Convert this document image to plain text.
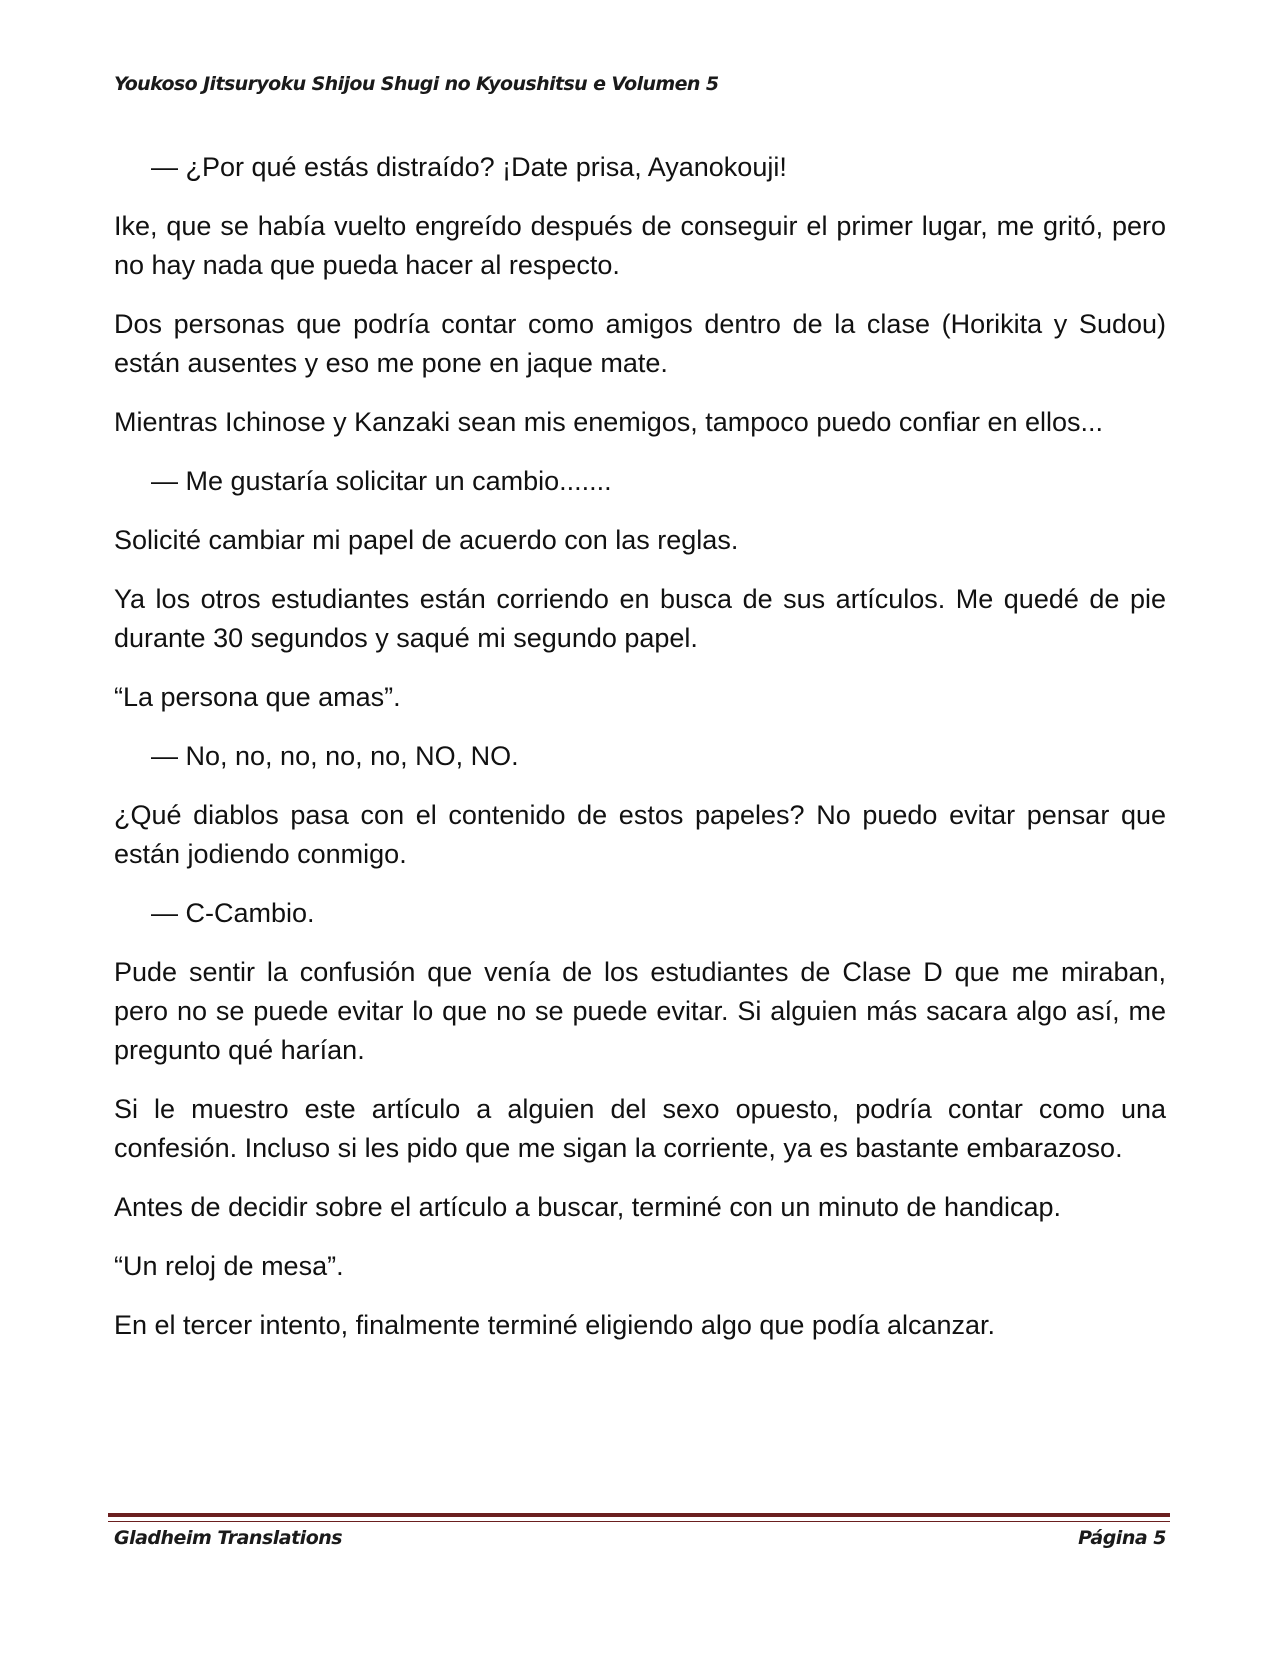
Youkoso Jitsuryoku Shijou Shugi no Kyoushitsu e Volumen 5

— ¿Por qué estás distraído? ¡Date prisa, Ayanokouji!

Ike, que se había vuelto engreído después de conseguir el primer lugar, me gritó, pero no hay nada que pueda hacer al respecto.

Dos personas que podría contar como amigos dentro de la clase (Horikita y Sudou) están ausentes y eso me pone en jaque mate.

Mientras Ichinose y Kanzaki sean mis enemigos, tampoco puedo confiar en ellos...

— Me gustaría solicitar un cambio.......

Solicité cambiar mi papel de acuerdo con las reglas.

Ya los otros estudiantes están corriendo en busca de sus artículos. Me quedé de pie durante 30 segundos y saqué mi segundo papel.

“La persona que amas”.

— No, no, no, no, no, NO, NO.

¿Qué diablos pasa con el contenido de estos papeles? No puedo evitar pensar que están jodiendo conmigo.

— C-Cambio.

Pude sentir la confusión que venía de los estudiantes de Clase D que me miraban, pero no se puede evitar lo que no se puede evitar. Si alguien más sacara algo así, me pregunto qué harían.

Si le muestro este artículo a alguien del sexo opuesto, podría contar como una confesión. Incluso si les pido que me sigan la corriente, ya es bastante embarazoso.

Antes de decidir sobre el artículo a buscar, terminé con un minuto de handicap.

“Un reloj de mesa”.

En el tercer intento, finalmente terminé eligiendo algo que podía alcanzar.

Gladheim Translations	Página 5
